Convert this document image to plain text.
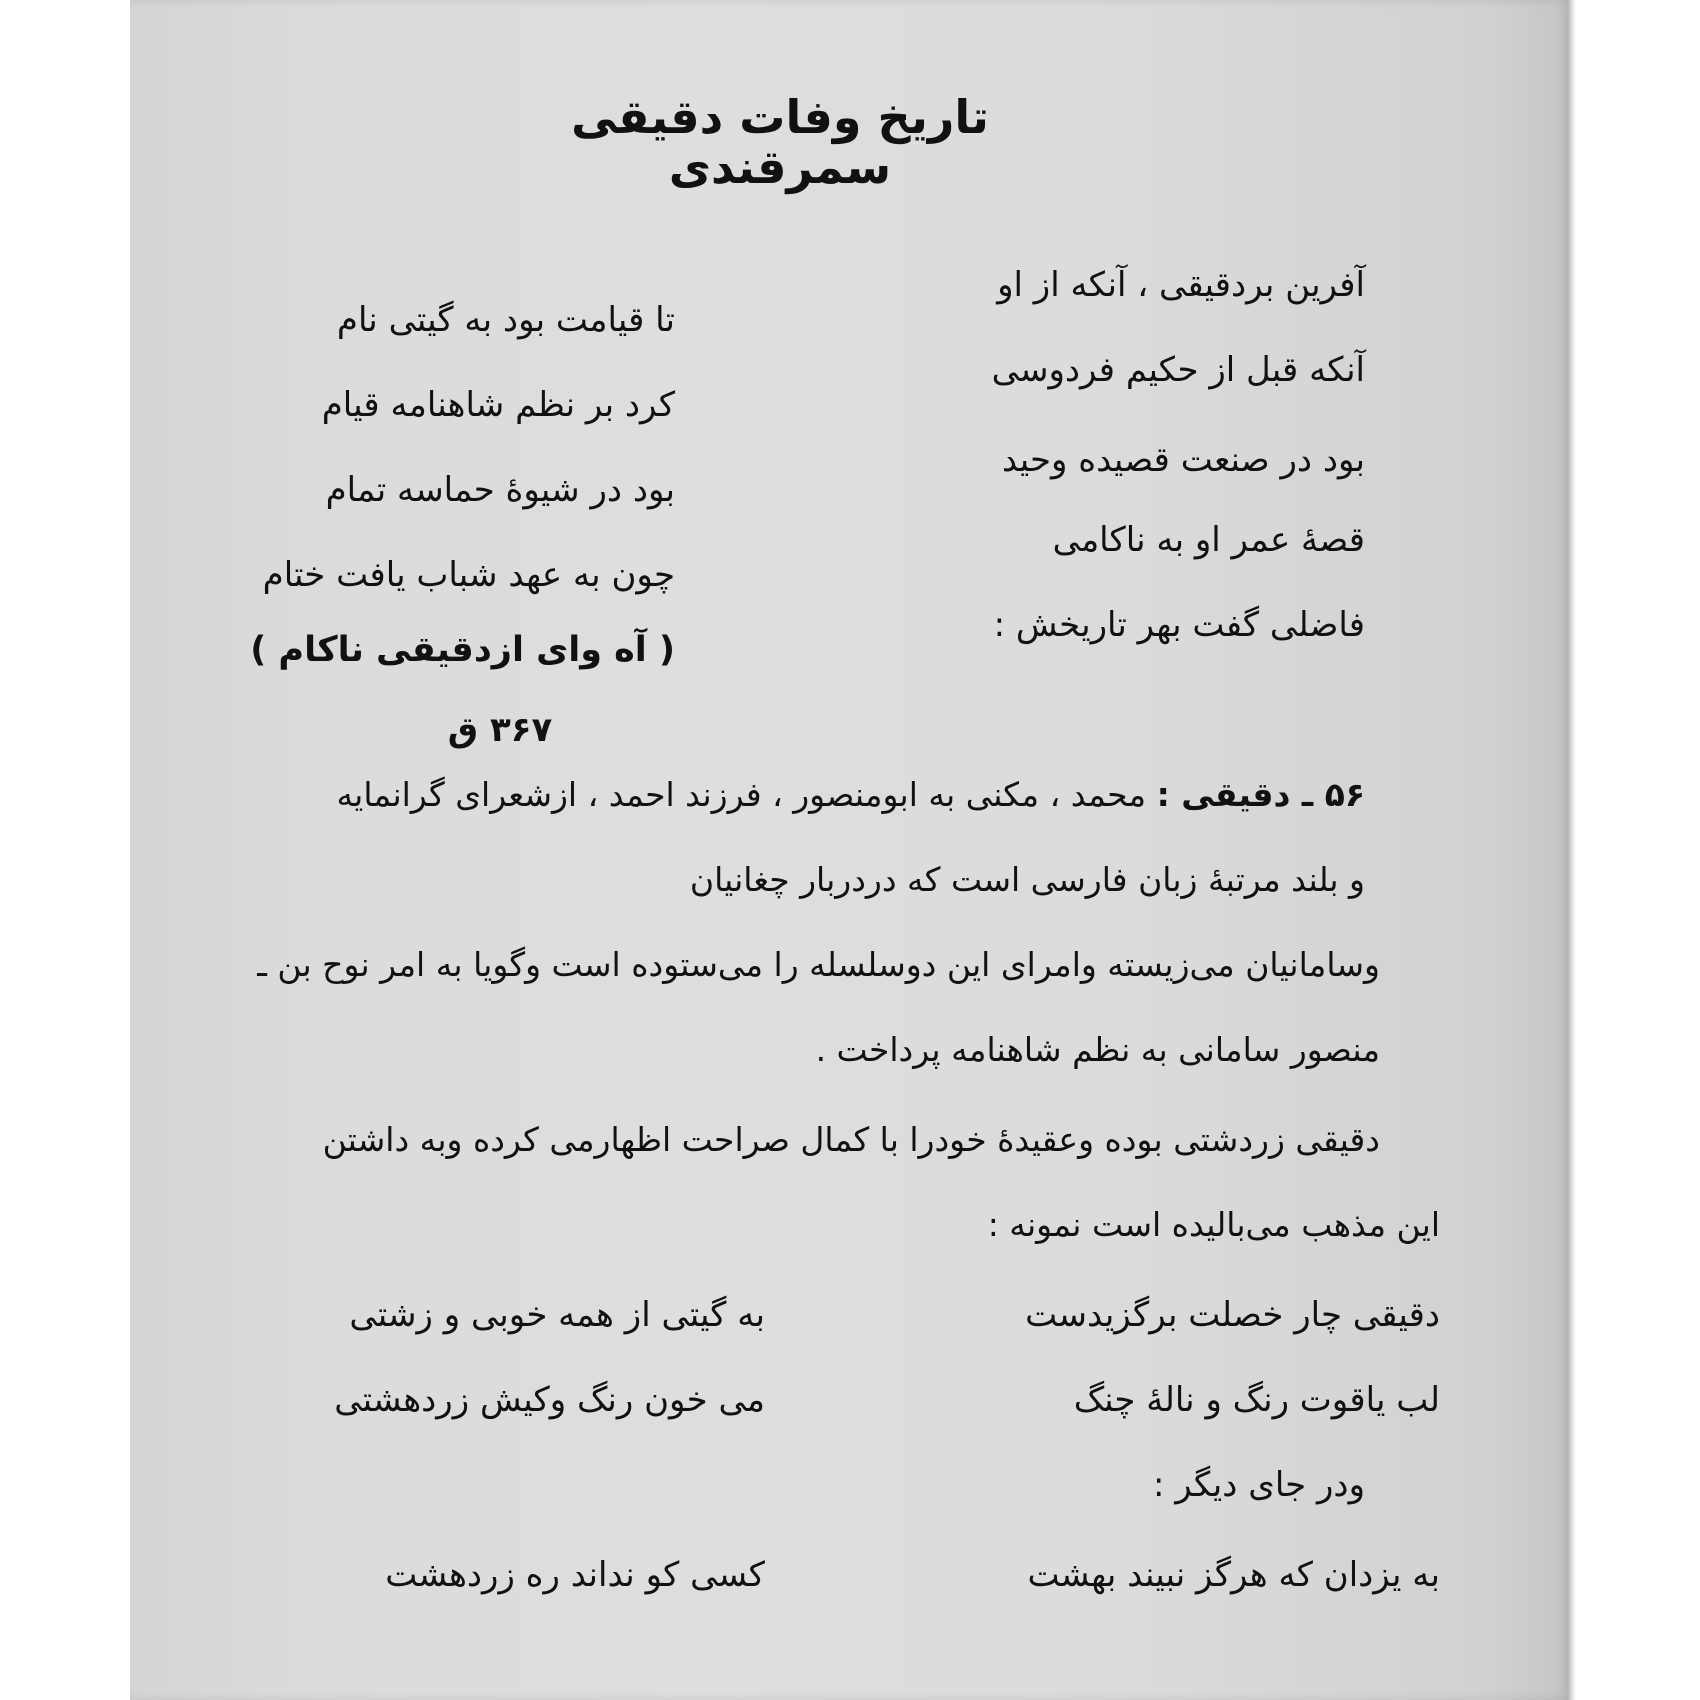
تاریخ وفات دقیقی
سمرقندی
آفرین بردقیقی ، آنکه از او
آنکه قبل از حکیم فردوسی
بود در صنعت قصیده وحید
قصهٔ عمر او به ناکامی
فاضلی گفت بهر تاریخش :
تا قیامت بود به گیتی نام
کرد بر نظم شاهنامه قیام
بود در شیوهٔ حماسه تمام
چون به عهد شباب یافت ختام
( آه وای ازدقیقی ناکام )
۳۶۷ ق
۵۶ ـ دقیقی : محمد ، مکنی به ابومنصور ، فرزند احمد ، ازشعرای گرانمایه
و بلند مرتبهٔ زبان فارسی است که دردربار چغانیان
وسامانیان می‌زیسته وامرای این دوسلسله را می‌ستوده است وگویا به امر نوح بن ـ
منصور سامانی به نظم شاهنامه پرداخت .
دقیقی زردشتی بوده وعقیدهٔ خودرا با کمال صراحت اظهارمی کرده وبه داشتن
این مذهب می‌بالیده است نمونه :
دقیقی چار خصلت برگزیدست
به گیتی از همه خوبی و زشتی
لب یاقوت رنگ و نالهٔ چنگ
می خون رنگ وکیش زردهشتی
ودر جای دیگر :
به یزدان که هرگز نبیند بهشت
کسی کو نداند ره زردهشت
